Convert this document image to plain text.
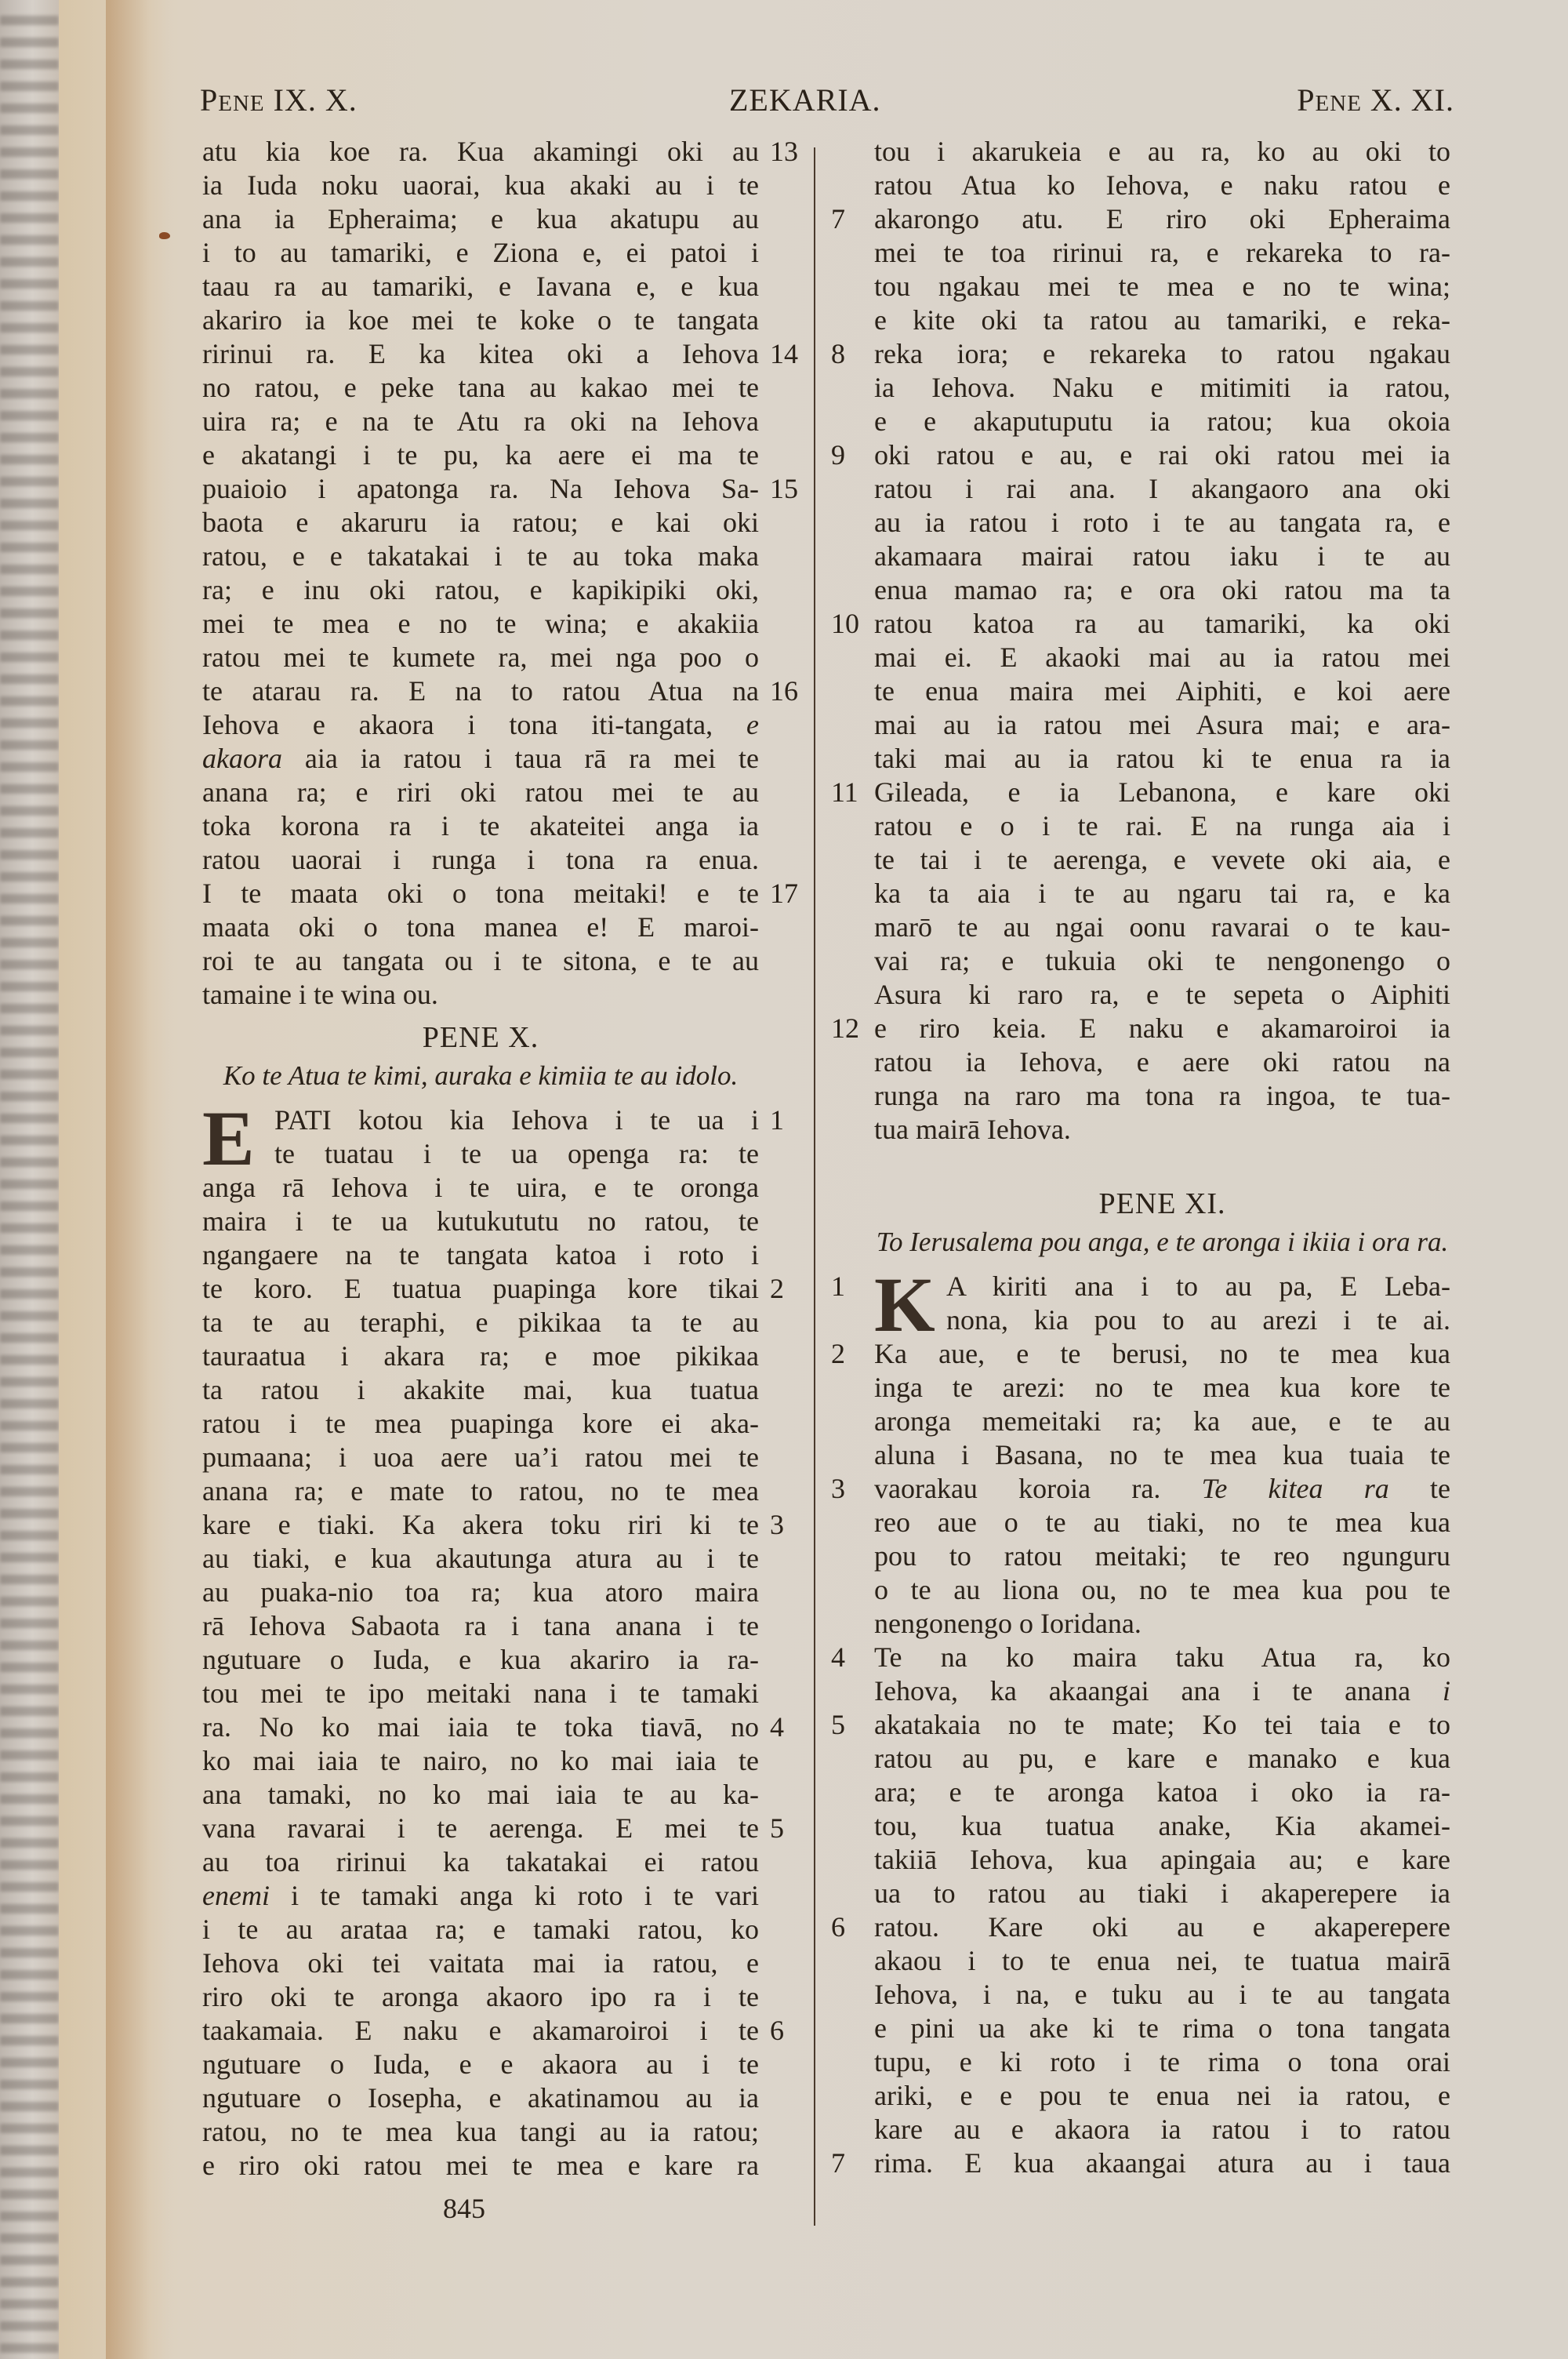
PENE IX. X.	ZEKARIA.	PENE X. XI.
atu kia koe ra. Kua akamingi oki au 13
ia Iuda noku uaorai, kua akaki au i te
ana ia Epheraima; e kua akatupu au
i to au tamariki, e Ziona e, ei patoi i
taau ra au tamariki, e Iavana e, e kua
akariro ia koe mei te koke o te tangata
ririnui ra. E ka kitea oki a Iehova 14
no ratou, e peke tana au kakao mei te
uira ra; e na te Atu ra oki na Iehova
e akatangi i te pu, ka aere ei ma te
puaioio i apatonga ra. Na Iehova Sa- 15
baota e akaruru ia ratou; e kai oki
ratou, e e takatakai i te au toka maka
ra; e inu oki ratou, e kapikipiki oki,
mei te mea e no te wina; e akakiia
ratou mei te kumete ra, mei nga poo o
te atarau ra. E na to ratou Atua na 16
Iehova e akaora i tona iti-tangata, e
akaora aia ia ratou i taua rā ra mei te
anana ra; e riri oki ratou mei te au
toka korona ra i te akateitei anga ia
ratou uaorai i runga i tona ra enua.
I te maata oki o tona meitaki! e te 17
maata oki o tona manea e! E maroi-
roi te au tangata ou i te sitona, e te au
tamaine i te wina ou.
PENE X.
Ko te Atua te kimi, auraka e kimiia te au idolo.
E PATI kotou kia Iehova i te ua i 1
te tuatau i te ua openga ra: te
anga rā Iehova i te uira, e te oronga
maira i te ua kutukututu no ratou, te
ngangaere na te tangata katoa i roto i
te koro. E tuatua puapinga kore tikai 2
ta te au teraphi, e pikikaa ta te au
tauraatua i akara ra; e moe pikikaa
ta ratou i akakite mai, kua tuatua
ratou i te mea puapinga kore ei aka-
pumaana; i uoa aere ua’i ratou mei te
anana ra; e mate to ratou, no te mea
kare e tiaki. Ka akera toku riri ki te 3
au tiaki, e kua akautunga atura au i te
au puaka-nio toa ra; kua atoro maira
rā Iehova Sabaota ra i tana anana i te
ngutuare o Iuda, e kua akariro ia ra-
tou mei te ipo meitaki nana i te tamaki
ra. No ko mai iaia te toka tiavā, no 4
ko mai iaia te nairo, no ko mai iaia te
ana tamaki, no ko mai iaia te au ka-
vana ravarai i te aerenga. E mei te 5
au toa ririnui ka takatakai ei ratou
enemi i te tamaki anga ki roto i te vari
i te au arataa ra; e tamaki ratou, ko
Iehova oki tei vaitata mai ia ratou, e
riro oki te aronga akaoro ipo ra i te
taakamaia. E naku e akamaroiroi i te 6
ngutuare o Iuda, e e akaora au i te
ngutuare o Iosepha, e akatinamou au ia
ratou, no te mea kua tangi au ia ratou;
e riro oki ratou mei te mea e kare ra
tou i akarukeia e au ra, ko au oki to
ratou Atua ko Iehova, e naku ratou e
akarongo atu. E riro oki Epheraima
7
mei te toa ririnui ra, e rekareka to ra-
tou ngakau mei te mea e no te wina;
e kite oki ta ratou au tamariki, e reka-
reka iora; e rekareka to ratou ngakau
8
ia Iehova. Naku e mitimiti ia ratou,
e e akaputuputu ia ratou; kua okoia
oki ratou e au, e rai oki ratou mei ia
9
ratou i rai ana. I akangaoro ana oki
au ia ratou i roto i te au tangata ra, e
akamaara mairai ratou iaku i te au
enua mamao ra; e ora oki ratou ma ta
ratou katoa ra au tamariki, ka oki
10
mai ei. E akaoki mai au ia ratou mei
te enua maira mei Aiphiti, e koi aere
mai au ia ratou mei Asura mai; e ara-
taki mai au ia ratou ki te enua ra ia
Gileada, e ia Lebanona, e kare oki
11
ratou e o i te rai. E na runga aia i
te tai i te aerenga, e vevete oki aia, e
ka ta aia i te au ngaru tai ra, e ka
marō te au ngai oonu ravarai o te kau-
vai ra; e tukuia oki te nengonengo o
Asura ki raro ra, e te sepeta o Aiphiti
e riro keia. E naku e akamaroiroi ia
12
ratou ia Iehova, e aere oki ratou na
runga na raro ma tona ra ingoa, te tua-
tua mairā Iehova.
PENE XI.
To Ierusalema pou anga, e te aronga i ikiia i ora ra.
K A kiriti ana i to au pa, E Leba-
1
nona, kia pou to au arezi i te ai.
Ka aue, e te berusi, no te mea kua
2
inga te arezi: no te mea kua kore te
aronga memeitaki ra; ka aue, e te au
aluna i Basana, no te mea kua tuaia te
vaorakau koroia ra. Te kitea ra te
3
reo aue o te au tiaki, no te mea kua
pou to ratou meitaki; te reo ngunguru
o te au liona ou, no te mea kua pou te
nengonengo o Ioridana.
Te na ko maira taku Atua ra, ko
4
Iehova, ka akaangai ana i te anana i
akatakaia no te mate; Ko tei taia e to
5
ratou au pu, e kare e manako e kua
ara; e te aronga katoa i oko ia ra-
tou, kua tuatua anake, Kia akamei-
takiiā Iehova, kua apingaia au; e kare
ua to ratou au tiaki i akaperepere ia
ratou. Kare oki au e akaperepere
6
akaou i to te enua nei, te tuatua mairā
Iehova, i na, e tuku au i te au tangata
e pini ua ake ki te rima o tona tangata
tupu, e ki roto i te rima o tona orai
ariki, e e pou te enua nei ia ratou, e
kare au e akaora ia ratou i to ratou
rima. E kua akaangai atura au i taua
7
845
